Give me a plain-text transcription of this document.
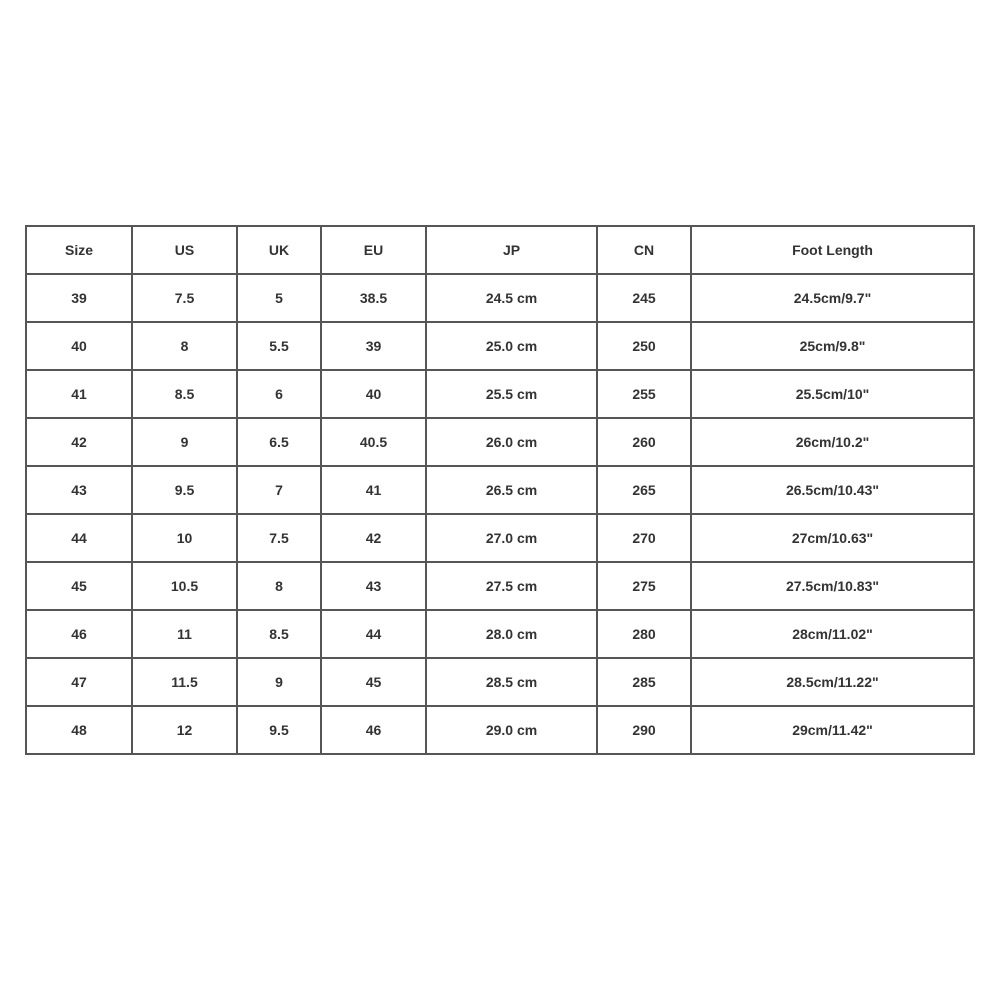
Size	US	UK	EU	JP	CN	Foot Length
39	7.5	5	38.5	24.5 cm	245	24.5cm/9.7"
40	8	5.5	39	25.0 cm	250	25cm/9.8"
41	8.5	6	40	25.5 cm	255	25.5cm/10"
42	9	6.5	40.5	26.0 cm	260	26cm/10.2"
43	9.5	7	41	26.5 cm	265	26.5cm/10.43"
44	10	7.5	42	27.0 cm	270	27cm/10.63"
45	10.5	8	43	27.5 cm	275	27.5cm/10.83"
46	11	8.5	44	28.0 cm	280	28cm/11.02"
47	11.5	9	45	28.5 cm	285	28.5cm/11.22"
48	12	9.5	46	29.0 cm	290	29cm/11.42"
